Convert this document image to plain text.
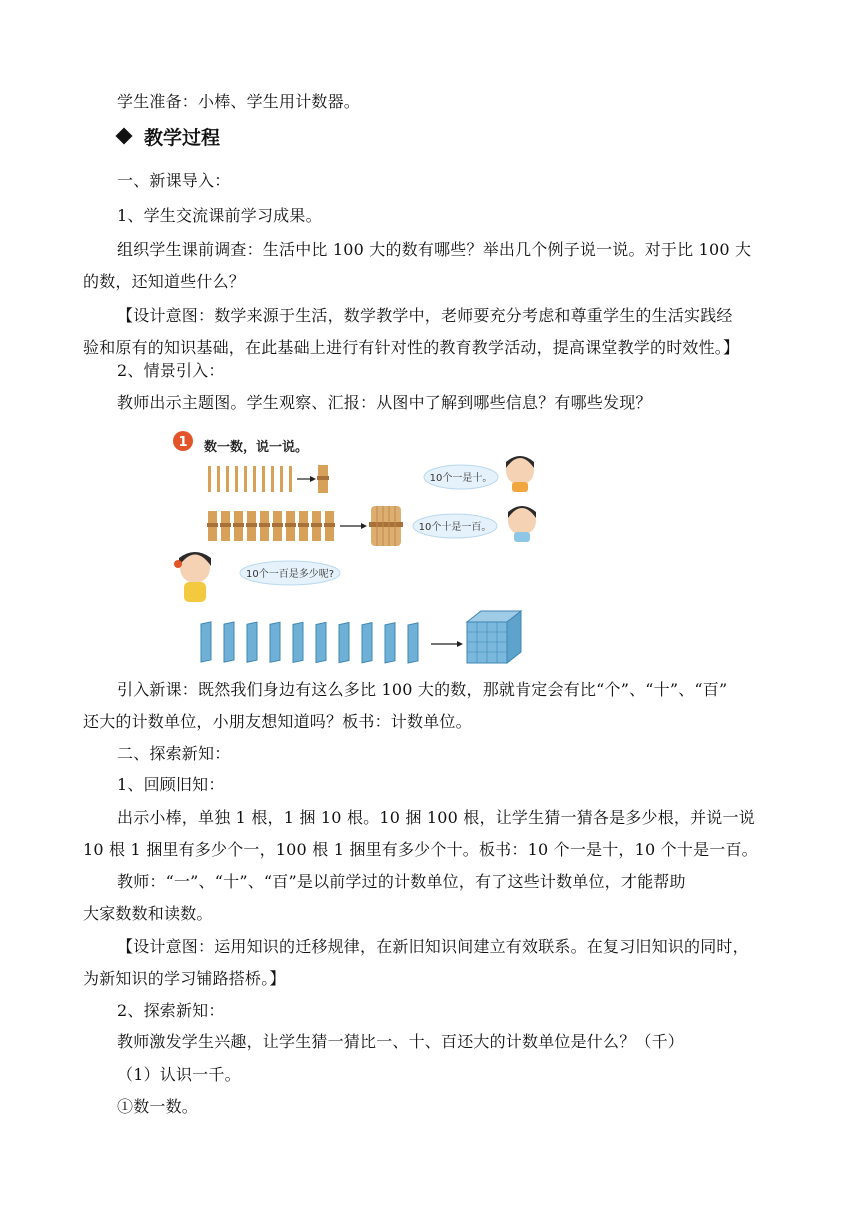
学生准备：小棒、学生用计数器。
教学过程
一、新课导入：
1、学生交流课前学习成果。
组织学生课前调查：生活中比 100 大的数有哪些？举出几个例子说一说。对于比 100 大
的数，还知道些什么？
【设计意图：数学来源于生活，数学教学中，老师要充分考虑和尊重学生的生活实践经
验和原有的知识基础，在此基础上进行有针对性的教育教学活动，提高课堂教学的时效性。】
2、情景引入：
教师出示主题图。学生观察、汇报：从图中了解到哪些信息？有哪些发现？
1
10个一是十。
10个十是一百。
10个一百是多少呢?
数一数，说一说。
引入新课：既然我们身边有这么多比 100 大的数，那就肯定会有比“个”、“十”、“百”
还大的计数单位，小朋友想知道吗？板书：计数单位。
二、探索新知：
1、回顾旧知：
出示小棒，单独 1 根，1 捆 10 根。10 捆 100 根，让学生猜一猜各是多少根，并说一说
10 根 1 捆里有多少个一，100 根 1 捆里有多少个十。板书：10 个一是十，10 个十是一百。
教师：“一”、“十”、“百”是以前学过的计数单位，有了这些计数单位，才能帮助
大家数数和读数。
【设计意图：运用知识的迁移规律，在新旧知识间建立有效联系。在复习旧知识的同时，
为新知识的学习铺路搭桥。】
2、探索新知：
教师激发学生兴趣，让学生猜一猜比一、十、百还大的计数单位是什么？（千）
（1）认识一千。
①数一数。
